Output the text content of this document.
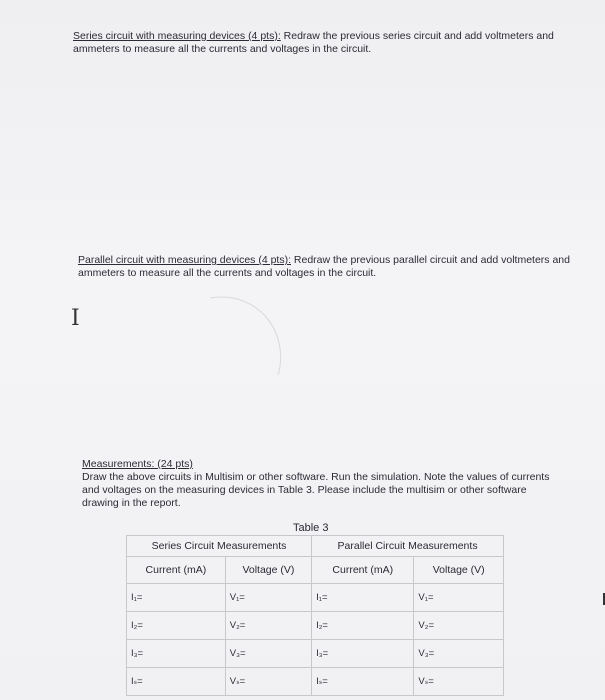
Series circuit with measuring devices (4 pts): Redraw the previous series circuit and add voltmeters and ammeters to measure all the currents and voltages in the circuit.
Parallel circuit with measuring devices (4 pts): Redraw the previous parallel circuit and add voltmeters and ammeters to measure all the currents and voltages in the circuit.
I
Measurements: (24 pts)
Draw the above circuits in Multisim or other software. Run the simulation. Note the values of currents and voltages on the measuring devices in Table 3. Please include the multisim or other software drawing in the report.
Table 3
Series Circuit Measurements		Parallel Circuit Measurements	
Current (mA)	Voltage (V)	Current (mA)	Voltage (V)
I₁=	V₁=	I₁=	V₁=
I₂=	V₂=	I₂=	V₂=
I₃=	V₃=	I₃=	V₃=
Iₛ=	Vₛ=	Iₛ=	Vₛ=
